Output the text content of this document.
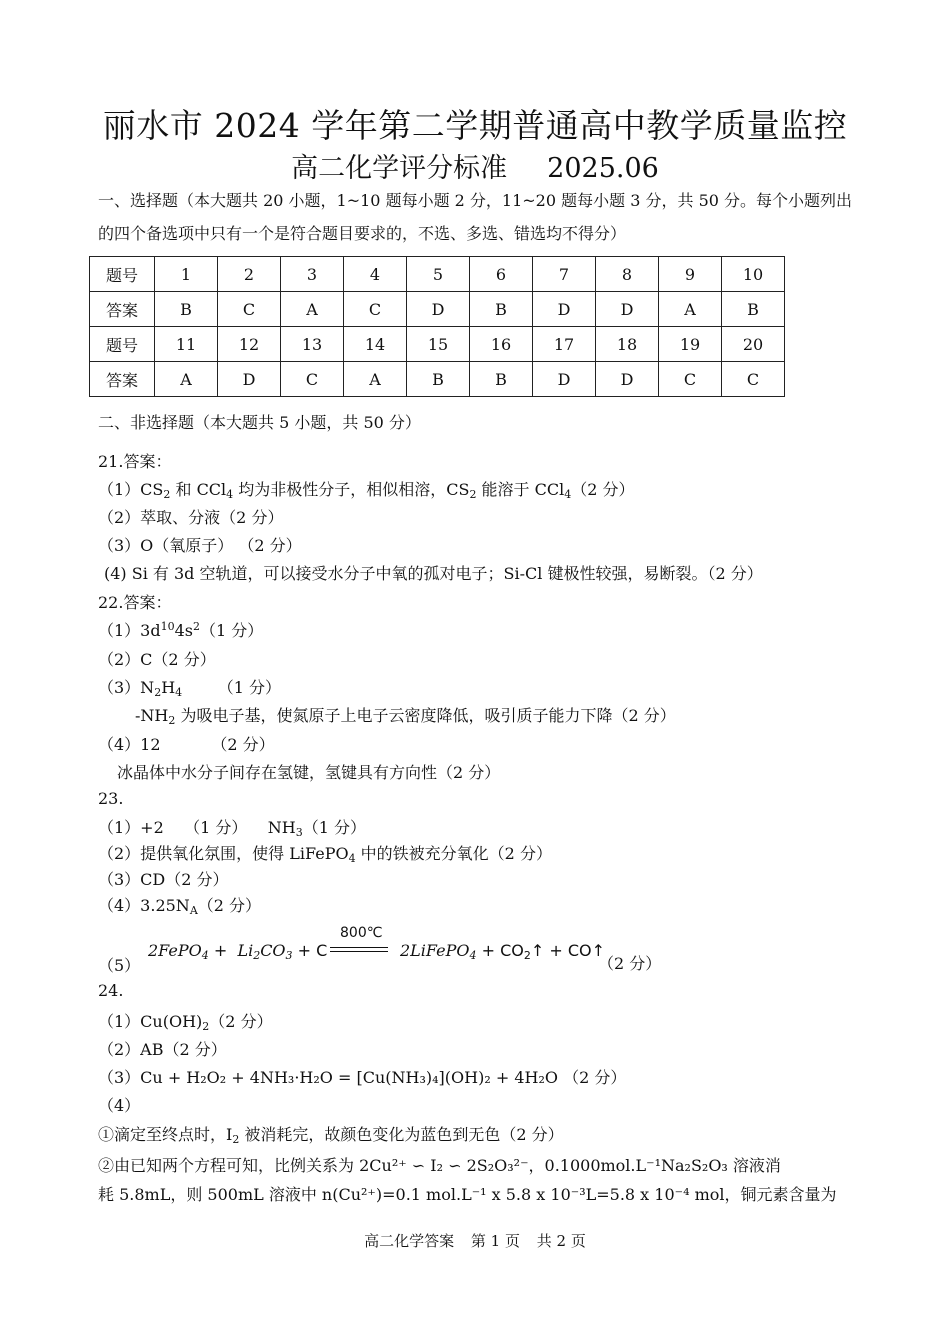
丽水市 2024 学年第二学期普通高中教学质量监控
高二化学评分标准 2025.06
一、选择题（本大题共 20 小题，1~10 题每小题 2 分，11~20 题每小题 3 分，共 50 分。每个小题列出的四个备选项中只有一个是符合题目要求的，不选、多选、错选均不得分）
题号	1	2	3	4	5	6	7	8	9	10
答案	B	C	A	C	D	B	D	D	A	B
题号	11	12	13	14	15	16	17	18	19	20
答案	A	D	C	A	B	B	D	D	C	C
二、非选择题（本大题共 5 小题，共 50 分）
21.答案：
$(1)CS_2$ 和 CCl$_4$ 均为非极性分子，相似相溶，$CS_2$ 能溶于 CCl$_4$（2 分）
（2）萃取、分液（2 分）
（3）O（氧原子） （2 分）
(4) Si 有 3d 空轨道，可以接受水分子中氧的孤对电子；Si-Cl 键极性较强，易断裂。（2 分）
22.答案：
$(1)3d^{10}4s^2(1$ 分）
（2）C（2 分）
$(3)N_2H_4$       （1 分）
$-NH_2$ 为吸电子基，使氮原子上电子云密度降低，吸引质子能力下降（2 分）
（4）12          （2 分）
冰晶体中水分子间存在氢键，氢键具有方向性（2 分）
23.
（1）+2    （1 分）    $NH_3(1$ 分）
（2）提供氧化氛围，使得 LiFePO$_4$ 中的铁被充分氧化（2 分）
（3）CD（2 分）
$(4)3.25N_A(2$ 分）
（5）
2FePO$_4$ +  $Li_2CO_3 + C$
800℃
2LiFePO$_4$ + $CO_2↑$ + CO↑
（2 分）
24.
$(1)Cu(OH)_2(2$ 分）
（2）AB（2 分）
（3）Cu + H₂O₂ + 4NH₃·H₂O = [Cu(NH₃)₄](OH)₂ + 4H₂O （2 分）
（4）
①滴定至终点时，$I_2$ 被消耗完，故颜色变化为蓝色到无色（2 分）
②由已知两个方程可知，比例关系为 2Cu²⁺ ∽ I₂ ∽ 2S₂O₃²⁻，0.1000mol.L⁻¹Na₂S₂O₃ 溶液消
耗 5.8mL，则 500mL 溶液中 n(Cu²⁺)=0.1 mol.L⁻¹ x 5.8 x 10⁻³L=5.8 x 10⁻⁴ mol，铜元素含量为
高二化学答案 第 1 页 共 2 页
